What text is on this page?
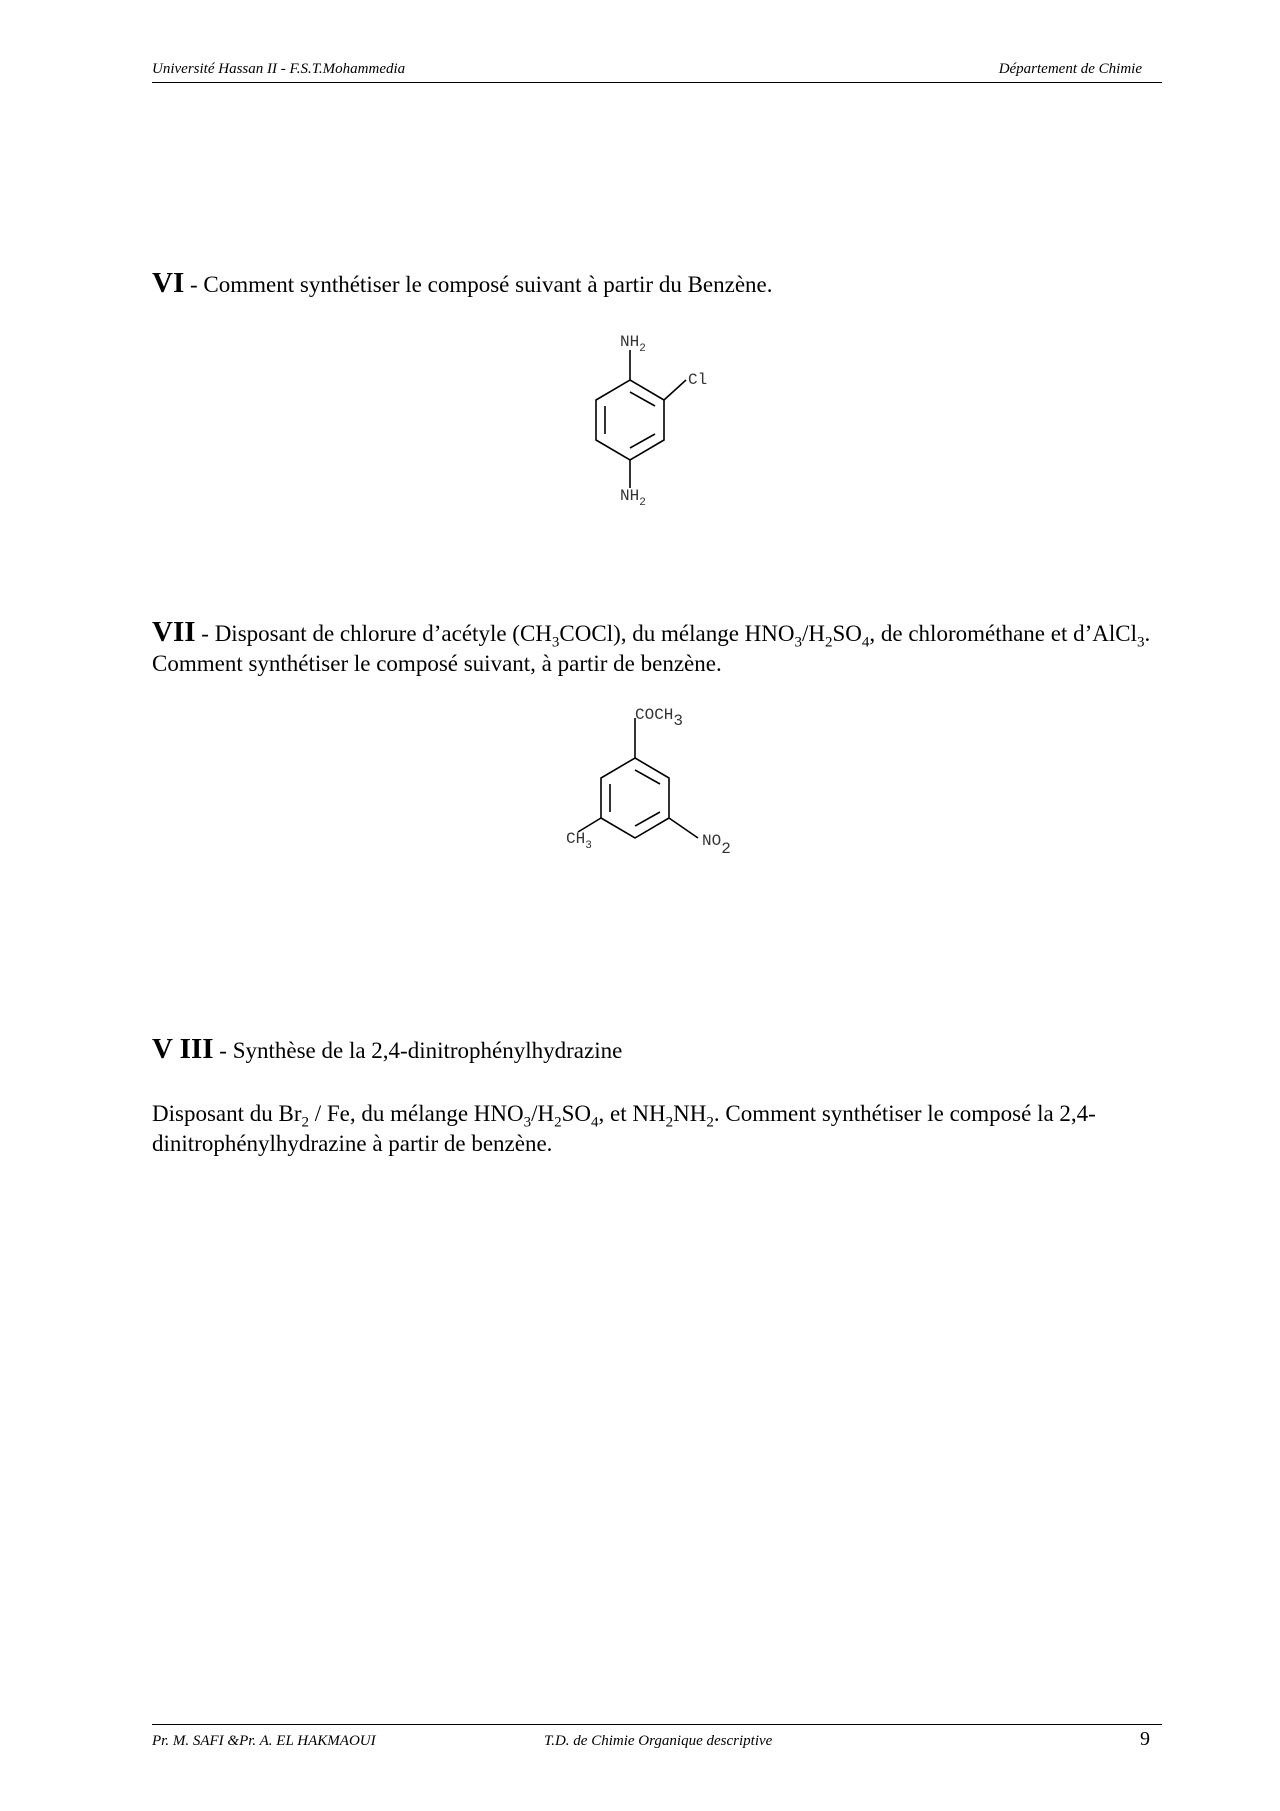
Université Hassan II - F.S.T.Mohammedia	Département de Chimie
VI - Comment synthétiser le composé suivant à partir du Benzène.
$NH_2$
Cl
$NH_2$
VII - Disposant de chlorure d’acétyle $(CH_3COCl)$, du mélange $HNO_3/H_2SO_4$, de chlorométhane et d’AlCl$_3$. Comment synthétiser le composé suivant, à partir de benzène.
COCH3
$CH_3$	NO2
V III - Synthèse de la 2,4-dinitrophénylhydrazine
Disposant du $Br_2$ / Fe, du mélange $HNO_3/H_2SO_4$, et $NH_2NH_2$. Comment synthétiser le composé la 2,4-dinitrophénylhydrazine à partir de benzène.
Pr. M. SAFI &Pr. A. EL HAKMAOUI	T.D. de Chimie Organique descriptive	9
